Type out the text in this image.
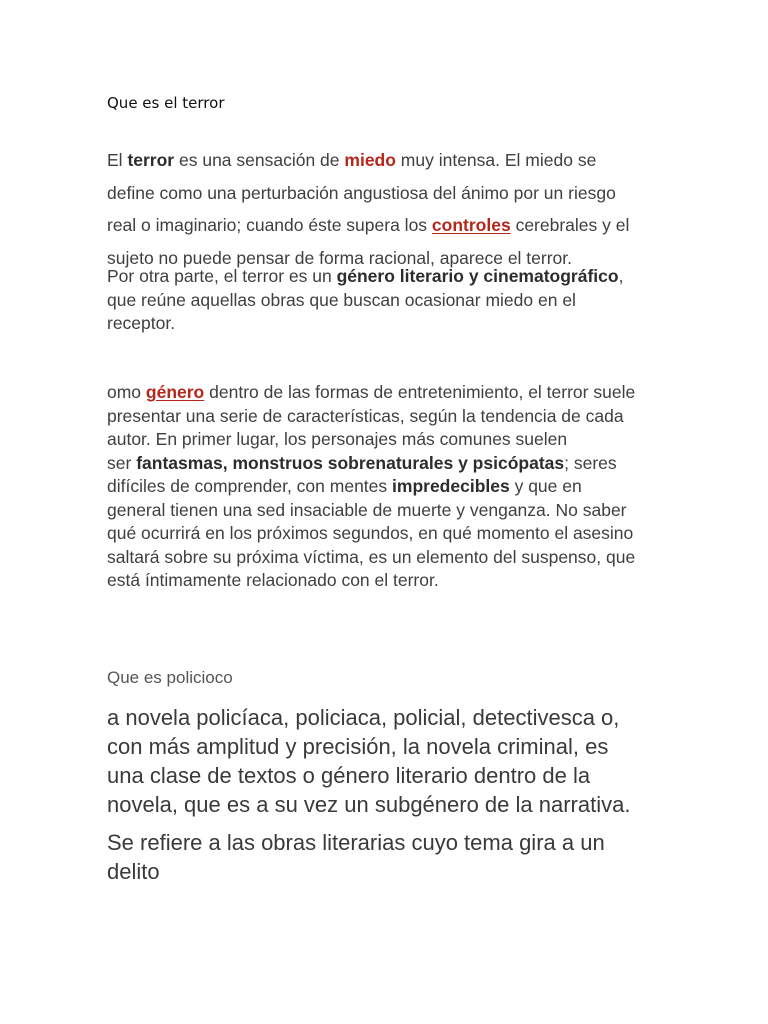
Que es el terror
El terror es una sensación de miedo muy intensa. El miedo se
define como una perturbación angustiosa del ánimo por un riesgo
real o imaginario; cuando éste supera los controles cerebrales y el
sujeto no puede pensar de forma racional, aparece el terror.
Por otra parte, el terror es un género literario y cinematográfico,
que reúne aquellas obras que buscan ocasionar miedo en el
receptor.
omo género dentro de las formas de entretenimiento, el terror suele
presentar una serie de características, según la tendencia de cada
autor. En primer lugar, los personajes más comunes suelen
ser fantasmas, monstruos sobrenaturales y psicópatas; seres
difíciles de comprender, con mentes impredecibles y que en
general tienen una sed insaciable de muerte y venganza. No saber
qué ocurrirá en los próximos segundos, en qué momento el asesino
saltará sobre su próxima víctima, es un elemento del suspenso, que
está íntimamente relacionado con el terror.
Que es policioco
a novela policíaca, policiaca, policial, detectivesca o,
con más amplitud y precisión, la novela criminal, es
una clase de textos o género literario dentro de la
novela, que es a su vez un subgénero de la narrativa.
Se refiere a las obras literarias cuyo tema gira a un
delito
